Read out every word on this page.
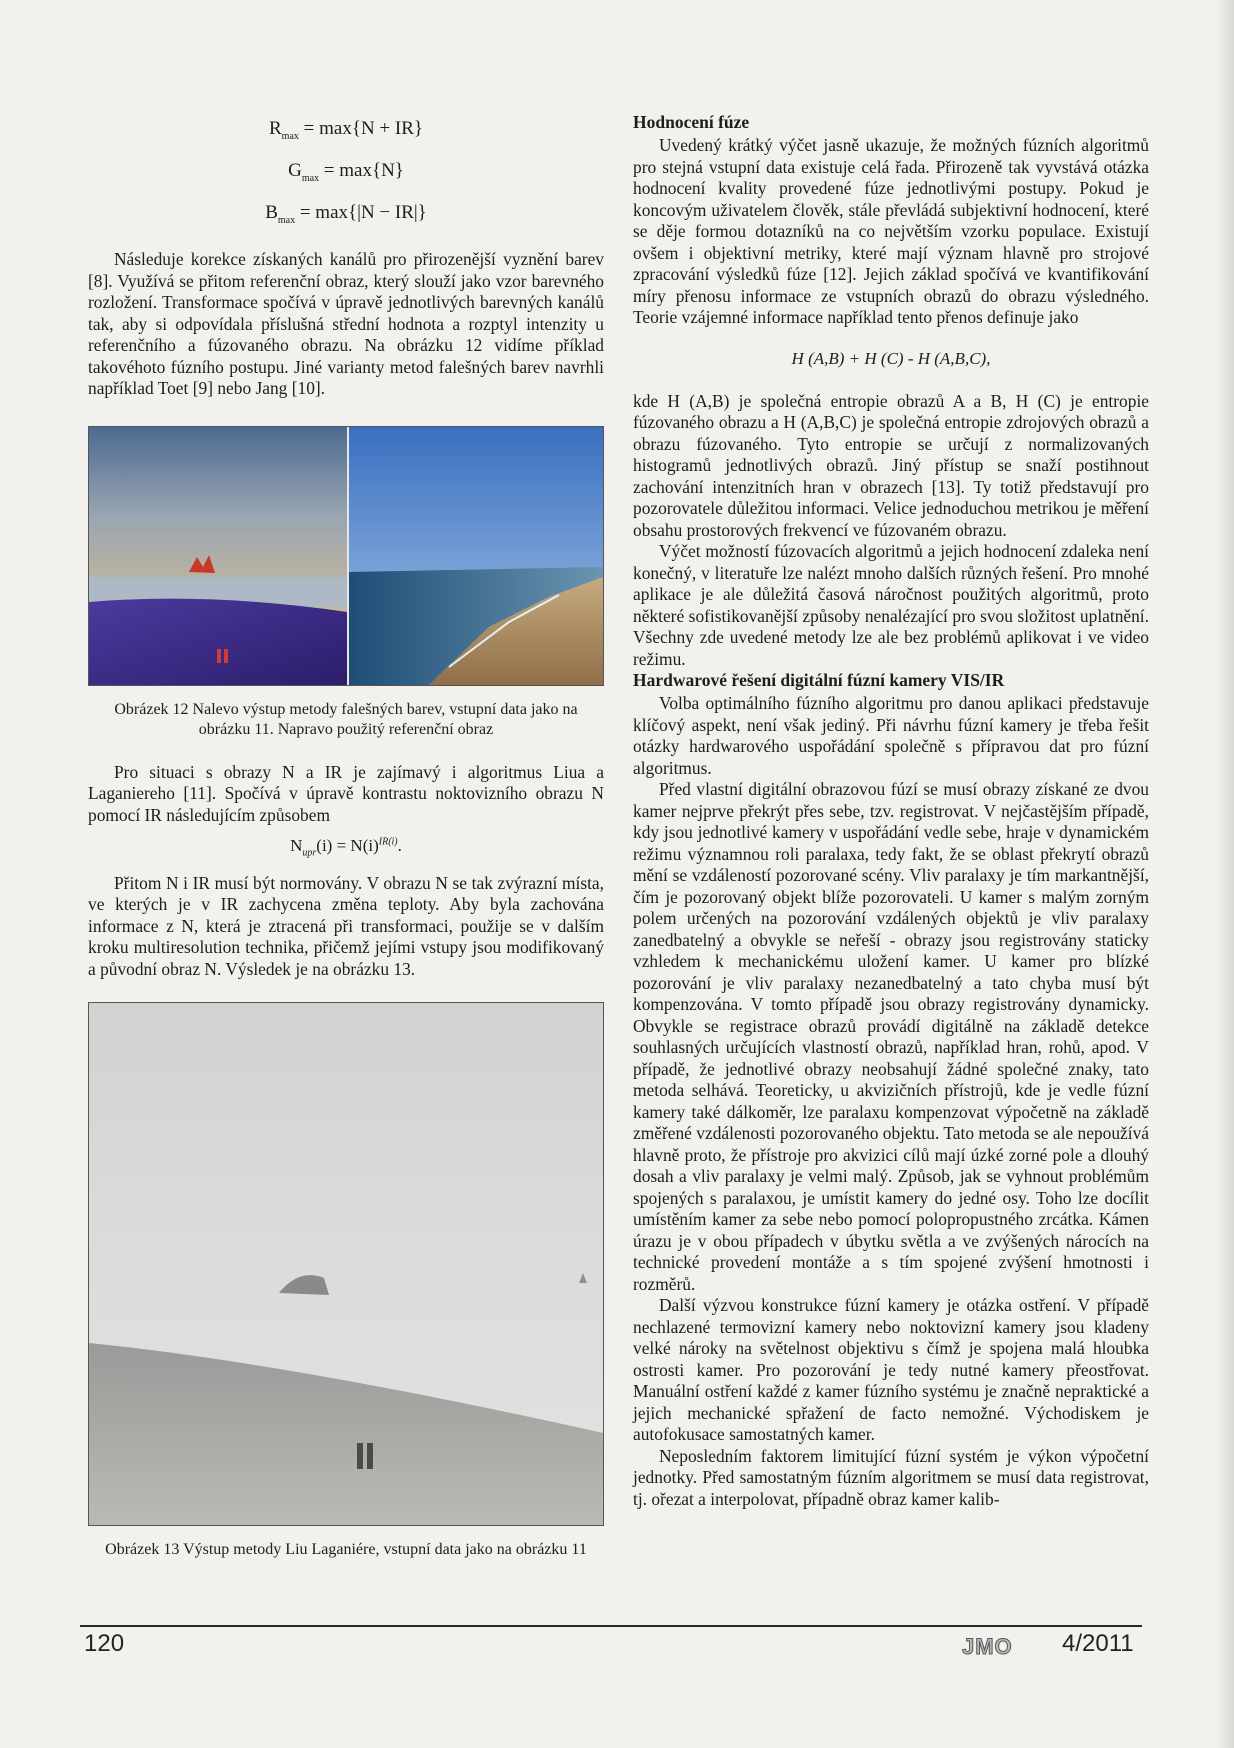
$R_{max} = \max\{N + IR\}$
$G_{max} = \max\{N\}$
$B_{max} = \max\{|N - IR|\}$

Následuje korekce získaných kanálů pro přirozenější vyznění barev [8]. Využívá se přitom referenční obraz, který slouží jako vzor barevného rozložení. Transformace spočívá v úpravě jednotlivých barevných kanálů tak, aby si odpovídala příslušná střední hodnota a rozptyl intenzity u referenčního a fúzovaného obrazu. Na obrázku 12 vidíme příklad takovéhoto fúzního postupu. Jiné varianty metod falešných barev navrhli například Toet [9] nebo Jang [10].

Obrázek 12 Nalevo výstup metody falešných barev, vstupní data jako na obrázku 11. Napravo použitý referenční obraz

Pro situaci s obrazy N a IR je zajímavý i algoritmus Liua a Laganiereho [11]. Spočívá v úpravě kontrastu noktovizního obrazu N pomocí IR následujícím způsobem

$N_{upr}(i) = N(i)^{IR(i)}$.

Přitom N i IR musí být normovány. V obrazu N se tak zvýrazní místa, ve kterých je v IR zachycena změna teploty. Aby byla zachována informace z N, která je ztracená při transformaci, použije se v dalším kroku multiresolution technika, přičemž jejími vstupy jsou modifikovaný a původní obraz N. Výsledek je na obrázku 13.

Obrázek 13 Výstup metody Liu Laganiére, vstupní data jako na obrázku 11

Hodnocení fúze

Uvedený krátký výčet jasně ukazuje, že možných fúzních algoritmů pro stejná vstupní data existuje celá řada. Přirozeně tak vyvstává otázka hodnocení kvality provedené fúze jednotlivými postupy. Pokud je koncovým uživatelem člověk, stále převládá subjektivní hodnocení, které se děje formou dotazníků na co největším vzorku populace. Existují ovšem i objektivní metriky, které mají význam hlavně pro strojové zpracování výsledků fúze [12]. Jejich základ spočívá ve kvantifikování míry přenosu informace ze vstupních obrazů do obrazu výsledného. Teorie vzájemné informace například tento přenos definuje jako

H (A,B) + H (C) - H (A,B,C),

kde H (A,B) je společná entropie obrazů A a B, H (C) je entropie fúzovaného obrazu a H (A,B,C) je společná entropie zdrojových obrazů a obrazu fúzovaného. Tyto entropie se určují z normalizovaných histogramů jednotlivých obrazů. Jiný přístup se snaží postihnout zachování intenzitních hran v obrazech [13]. Ty totiž představují pro pozorovatele důležitou informaci. Velice jednoduchou metrikou je měření obsahu prostorových frekvencí ve fúzovaném obrazu.

Výčet možností fúzovacích algoritmů a jejich hodnocení zdaleka není konečný, v literatuře lze nalézt mnoho dalších různých řešení. Pro mnohé aplikace je ale důležitá časová náročnost použitých algoritmů, proto některé sofistikovanější způsoby nenalézající pro svou složitost uplatnění. Všechny zde uvedené metody lze ale bez problémů aplikovat i ve video režimu.

Hardwarové řešení digitální fúzní kamery VIS/IR

Volba optimálního fúzního algoritmu pro danou aplikaci představuje klíčový aspekt, není však jediný. Při návrhu fúzní kamery je třeba řešit otázky hardwarového uspořádání společně s přípravou dat pro fúzní algoritmus.

Před vlastní digitální obrazovou fúzí se musí obrazy získané ze dvou kamer nejprve překrýt přes sebe, tzv. registrovat. V nejčastějším případě, kdy jsou jednotlivé kamery v uspořádání vedle sebe, hraje v dynamickém režimu významnou roli paralaxa, tedy fakt, že se oblast překrytí obrazů mění se vzdáleností pozorované scény. Vliv paralaxy je tím markantnější, čím je pozorovaný objekt blíže pozorovateli. U kamer s malým zorným polem určených na pozorování vzdálených objektů je vliv paralaxy zanedbatelný a obvykle se neřeší - obrazy jsou registrovány staticky vzhledem k mechanickému uložení kamer. U kamer pro blízké pozorování je vliv paralaxy nezanedbatelný a tato chyba musí být kompenzována. V tomto případě jsou obrazy registrovány dynamicky. Obvykle se registrace obrazů provádí digitálně na základě detekce souhlasných určujících vlastností obrazů, například hran, rohů, apod. V případě, že jednotlivé obrazy neobsahují žádné společné znaky, tato metoda selhává. Teoreticky, u akvizičních přístrojů, kde je vedle fúzní kamery také dálkoměr, lze paralaxu kompenzovat výpočetně na základě změřené vzdálenosti pozorovaného objektu. Tato metoda se ale nepoužívá hlavně proto, že přístroje pro akvizici cílů mají úzké zorné pole a dlouhý dosah a vliv paralaxy je velmi malý. Způsob, jak se vyhnout problémům spojených s paralaxou, je umístit kamery do jedné osy. Toho lze docílit umístěním kamer za sebe nebo pomocí polopropustného zrcátka. Kámen úrazu je v obou případech v úbytku světla a ve zvýšených nárocích na technické provedení montáže a s tím spojené zvýšení hmotnosti i rozměrů.

Další výzvou konstrukce fúzní kamery je otázka ostření. V případě nechlazené termovizní kamery nebo noktovizní kamery jsou kladeny velké nároky na světelnost objektivu s čímž je spojena malá hloubka ostrosti kamer. Pro pozorování je tedy nutné kamery přeostřovat. Manuální ostření každé z kamer fúzního systému je značně nepraktické a jejich mechanické spřažení de facto nemožné. Východiskem je autofokusace samostatných kamer.

Neposledním faktorem limitující fúzní systém je výkon výpočetní jednotky. Před samostatným fúzním algoritmem se musí data registrovat, tj. ořezat a interpolovat, případně obraz kamer kalib-

120	JMO 4/2011
